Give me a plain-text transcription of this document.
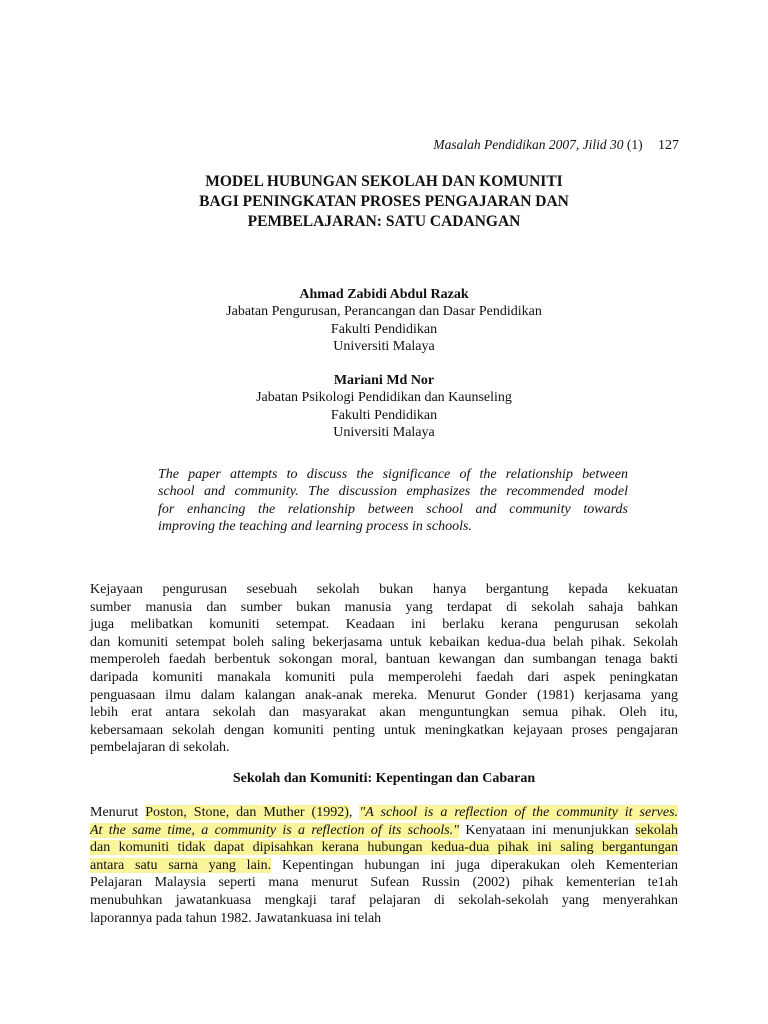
Masalah Pendidikan 2007, Jilid 30 (1) 127
MODEL HUBUNGAN SEKOLAH DAN KOMUNITI
BAGI PENINGKATAN PROSES PENGAJARAN DAN
PEMBELAJARAN: SATU CADANGAN
Ahmad Zabidi Abdul Razak
Jabatan Pengurusan, Perancangan dan Dasar Pendidikan
Fakulti Pendidikan
Universiti Malaya
Mariani Md Nor
Jabatan Psikologi Pendidikan dan Kaunseling
Fakulti Pendidikan
Universiti Malaya
The paper attempts to discuss the significance of the relationship between
school and community. The discussion emphasizes the recommended model
for enhancing the relationship between school and community towards
improving the teaching and learning process in schools.
Kejayaan pengurusan sesebuah sekolah bukan hanya bergantung kepada kekuatan
sumber manusia dan sumber bukan manusia yang terdapat di sekolah sahaja bahkan
juga melibatkan komuniti setempat. Keadaan ini berlaku kerana pengurusan sekolah
dan komuniti setempat boleh saling bekerjasama untuk kebaikan kedua-dua belah pihak. Sekolah
memperoleh faedah berbentuk sokongan moral, bantuan kewangan dan sumbangan tenaga bakti
daripada komuniti manakala komuniti pula memperolehi faedah dari aspek peningkatan
penguasaan ilmu dalam kalangan anak-anak mereka. Menurut Gonder (1981) kerjasama yang
lebih erat antara sekolah dan masyarakat akan menguntungkan semua pihak. Oleh itu,
kebersamaan sekolah dengan komuniti penting untuk meningkatkan kejayaan proses pengajaran
pembelajaran di sekolah.
Sekolah dan Komuniti: Kepentingan dan Cabaran
Menurut Poston, Stone, dan Muther (1992), "A school is a reflection of the community it serves.
At the same time, a community is a reflection of its schools." Kenyataan ini menunjukkan sekolah
dan komuniti tidak dapat dipisahkan kerana hubungan kedua-dua pihak ini saling bergantungan
antara satu sarna yang lain. Kepentingan hubungan ini juga diperakukan oleh Kementerian
Pelajaran Malaysia seperti mana menurut Sufean Russin (2002) pihak kementerian te1ah
menubuhkan jawatankuasa mengkaji taraf pelajaran di sekolah-sekolah yang menyerahkan
laporannya pada tahun 1982. Jawatankuasa ini telah
